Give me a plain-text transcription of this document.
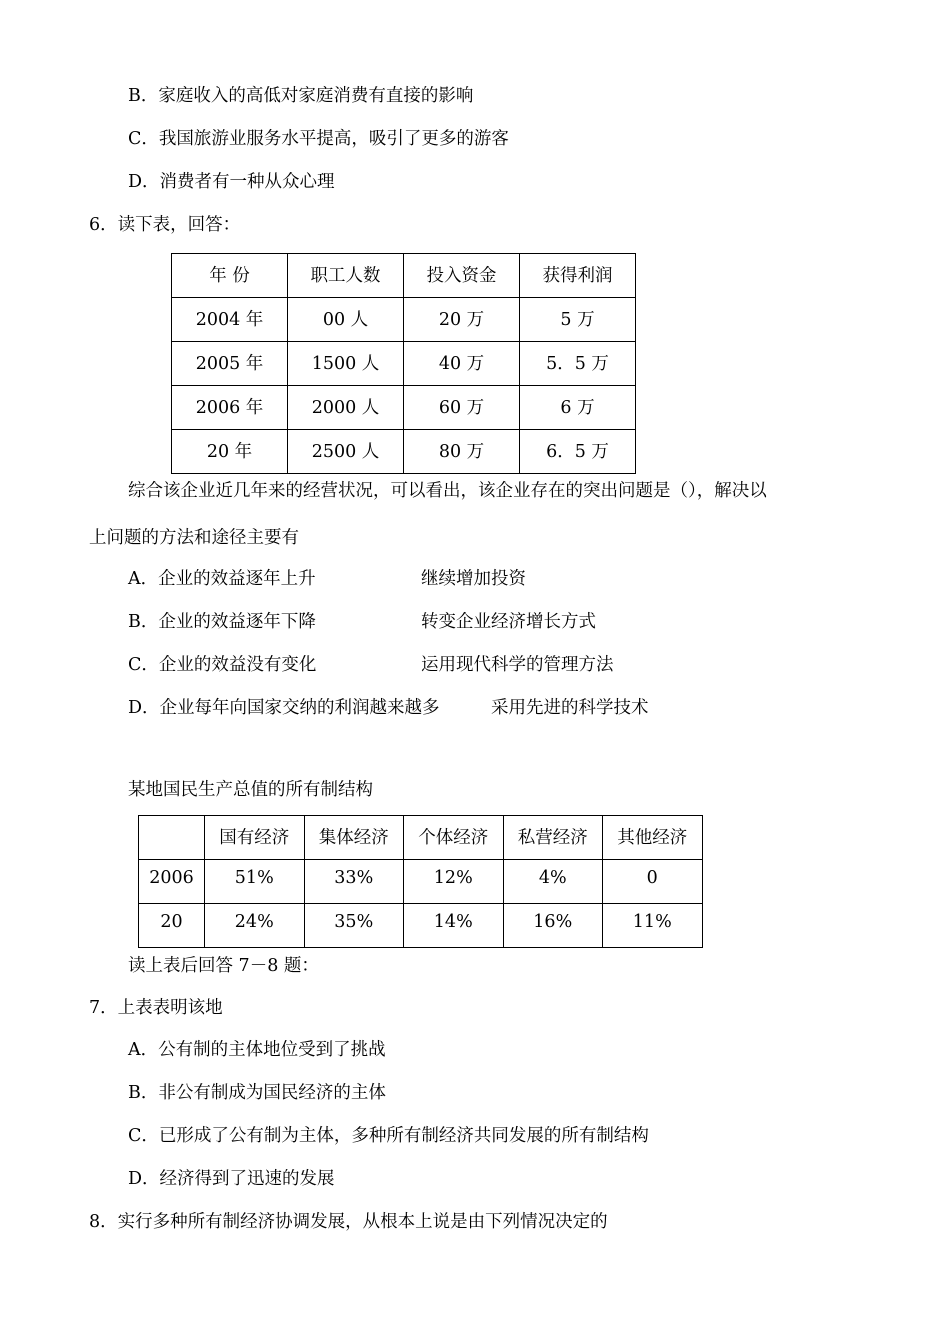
B．家庭收入的高低对家庭消费有直接的影响
C．我国旅游业服务水平提高，吸引了更多的游客
D．消费者有一种从众心理
6．读下表，回答：
年 份	职工人数	投入资金	获得利润
2004 年	00 人	20 万	5 万
2005 年	1500 人	40 万	5．5 万
2006 年	2000 人	60 万	6 万
20 年	2500 人	80 万	6．5 万
综合该企业近几年来的经营状况，可以看出，该企业存在的突出问题是（），解决以
上问题的方法和途径主要有
A．企业的效益逐年上升	继续增加投资
B．企业的效益逐年下降	转变企业经济增长方式
C．企业的效益没有变化	运用现代科学的管理方法
D．企业每年向国家交纳的利润越来越多	采用先进的科学技术
某地国民生产总值的所有制结构
	国有经济	集体经济	个体经济	私营经济	其他经济
2006	51%	33%	12%	4%	0
20	24%	35%	14%	16%	11%
读上表后回答 7－8 题：
7．上表表明该地
A．公有制的主体地位受到了挑战
B．非公有制成为国民经济的主体
C．已形成了公有制为主体，多种所有制经济共同发展的所有制结构
D．经济得到了迅速的发展
8．实行多种所有制经济协调发展，从根本上说是由下列情况决定的
